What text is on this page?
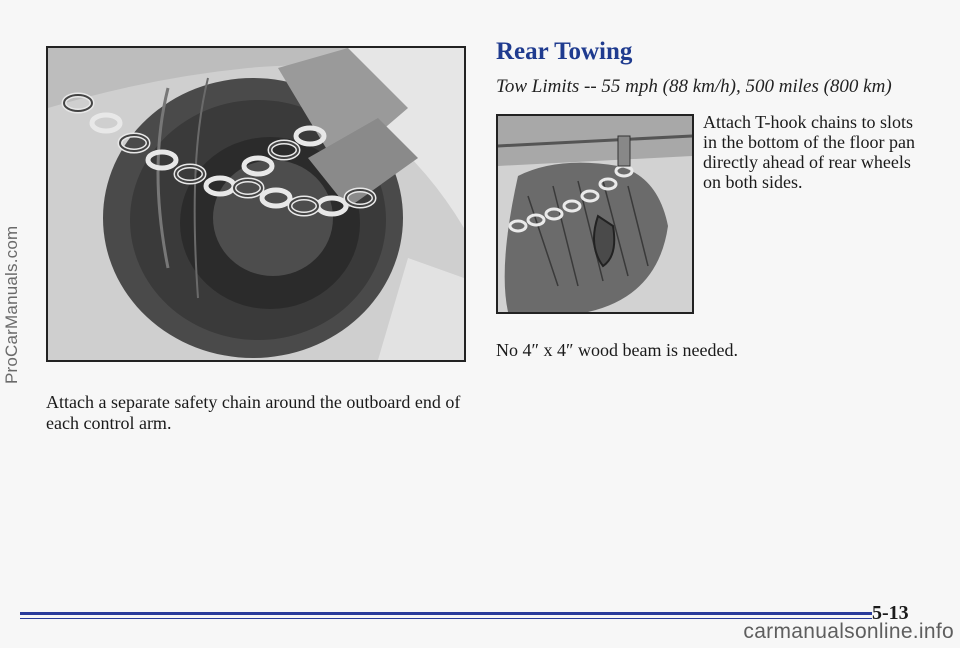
ProCarManuals.com
Attach a separate safety chain around the outboard end of each control arm.
Rear Towing
Tow Limits -- 55 mph (88 km/h), 500 miles (800 km)
Attach T-hook chains to slots in the bottom of the floor pan directly ahead of rear wheels on both sides.
No 4″ x 4″ wood beam is needed.
5-13
carmanualsonline.info
